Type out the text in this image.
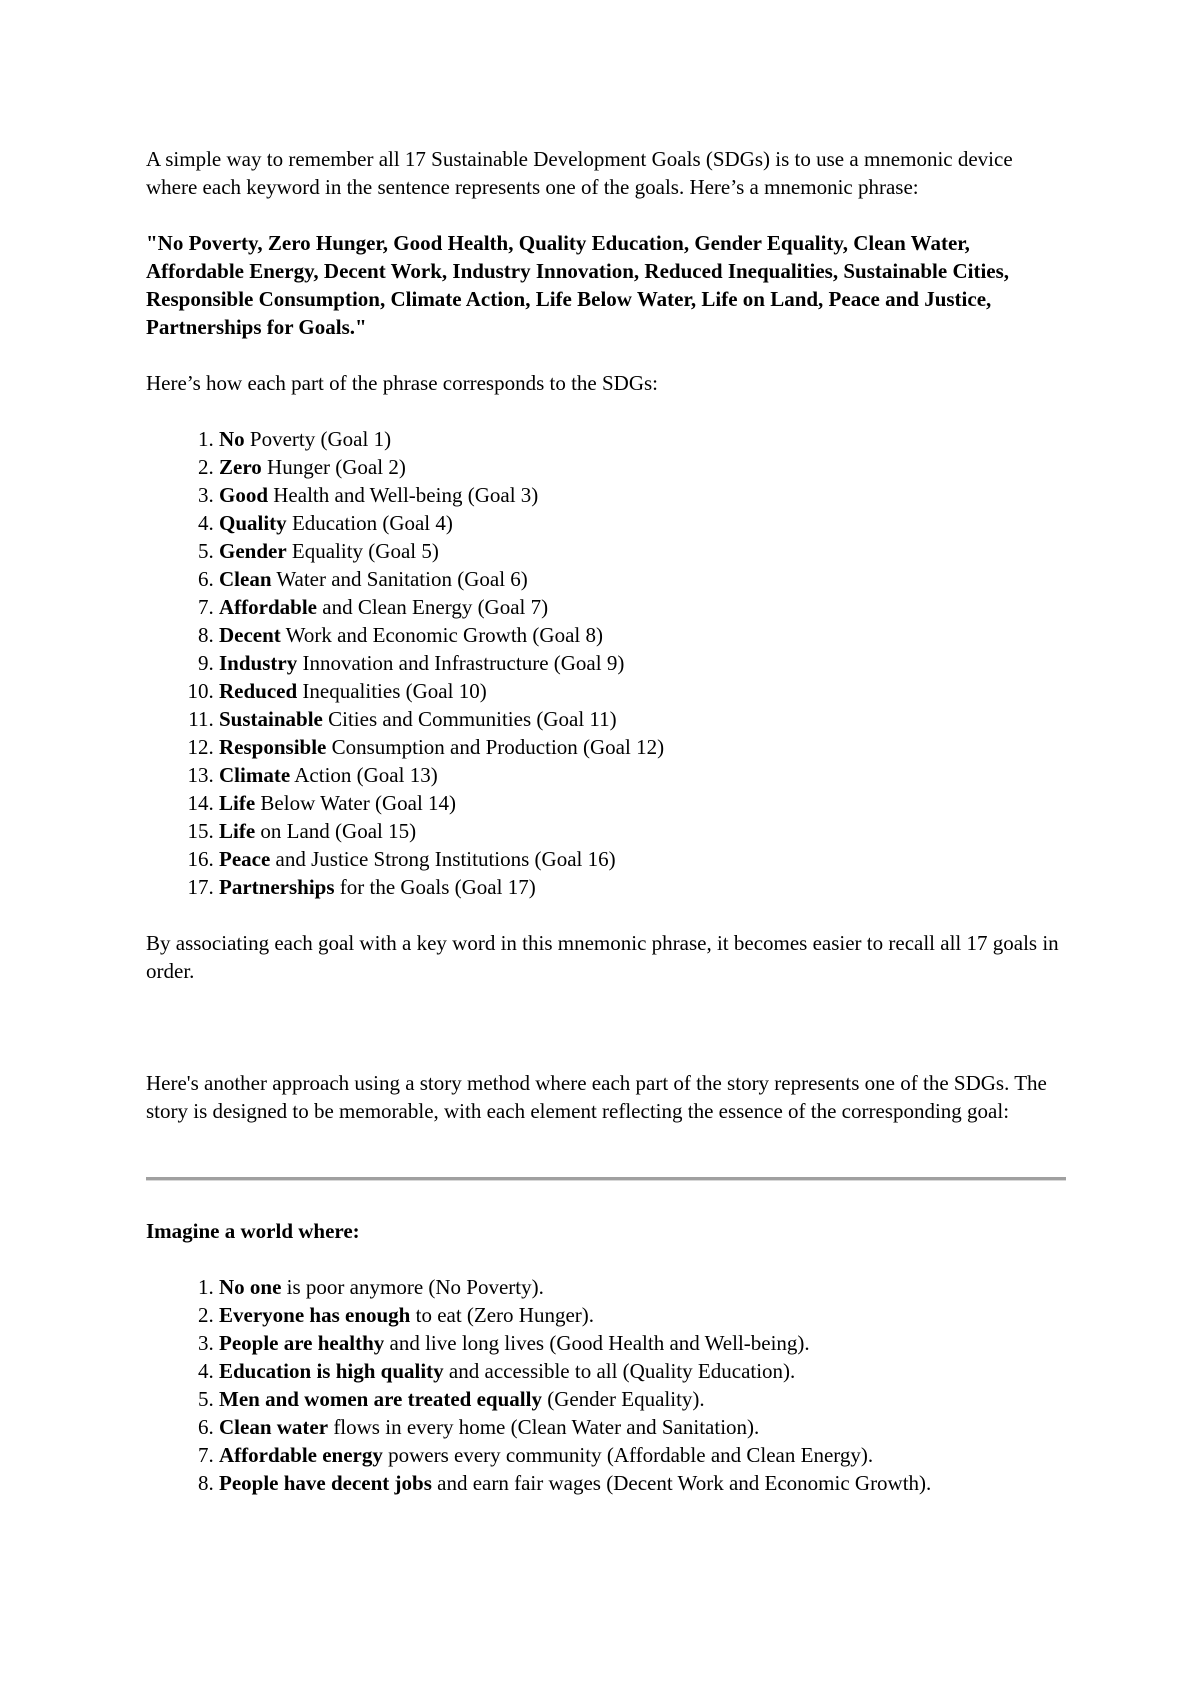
A simple way to remember all 17 Sustainable Development Goals (SDGs) is to use a mnemonic device where each keyword in the sentence represents one of the goals. Here’s a mnemonic phrase:

"No Poverty, Zero Hunger, Good Health, Quality Education, Gender Equality, Clean Water, Affordable Energy, Decent Work, Industry Innovation, Reduced Inequalities, Sustainable Cities, Responsible Consumption, Climate Action, Life Below Water, Life on Land, Peace and Justice, Partnerships for Goals."

Here’s how each part of the phrase corresponds to the SDGs:

1. No Poverty (Goal 1)
2. Zero Hunger (Goal 2)
3. Good Health and Well-being (Goal 3)
4. Quality Education (Goal 4)
5. Gender Equality (Goal 5)
6. Clean Water and Sanitation (Goal 6)
7. Affordable and Clean Energy (Goal 7)
8. Decent Work and Economic Growth (Goal 8)
9. Industry Innovation and Infrastructure (Goal 9)
10. Reduced Inequalities (Goal 10)
11. Sustainable Cities and Communities (Goal 11)
12. Responsible Consumption and Production (Goal 12)
13. Climate Action (Goal 13)
14. Life Below Water (Goal 14)
15. Life on Land (Goal 15)
16. Peace and Justice Strong Institutions (Goal 16)
17. Partnerships for the Goals (Goal 17)

By associating each goal with a key word in this mnemonic phrase, it becomes easier to recall all 17 goals in order.

Here's another approach using a story method where each part of the story represents one of the SDGs. The story is designed to be memorable, with each element reflecting the essence of the corresponding goal:

Imagine a world where:

1. No one is poor anymore (No Poverty).
2. Everyone has enough to eat (Zero Hunger).
3. People are healthy and live long lives (Good Health and Well-being).
4. Education is high quality and accessible to all (Quality Education).
5. Men and women are treated equally (Gender Equality).
6. Clean water flows in every home (Clean Water and Sanitation).
7. Affordable energy powers every community (Affordable and Clean Energy).
8. People have decent jobs and earn fair wages (Decent Work and Economic Growth).
